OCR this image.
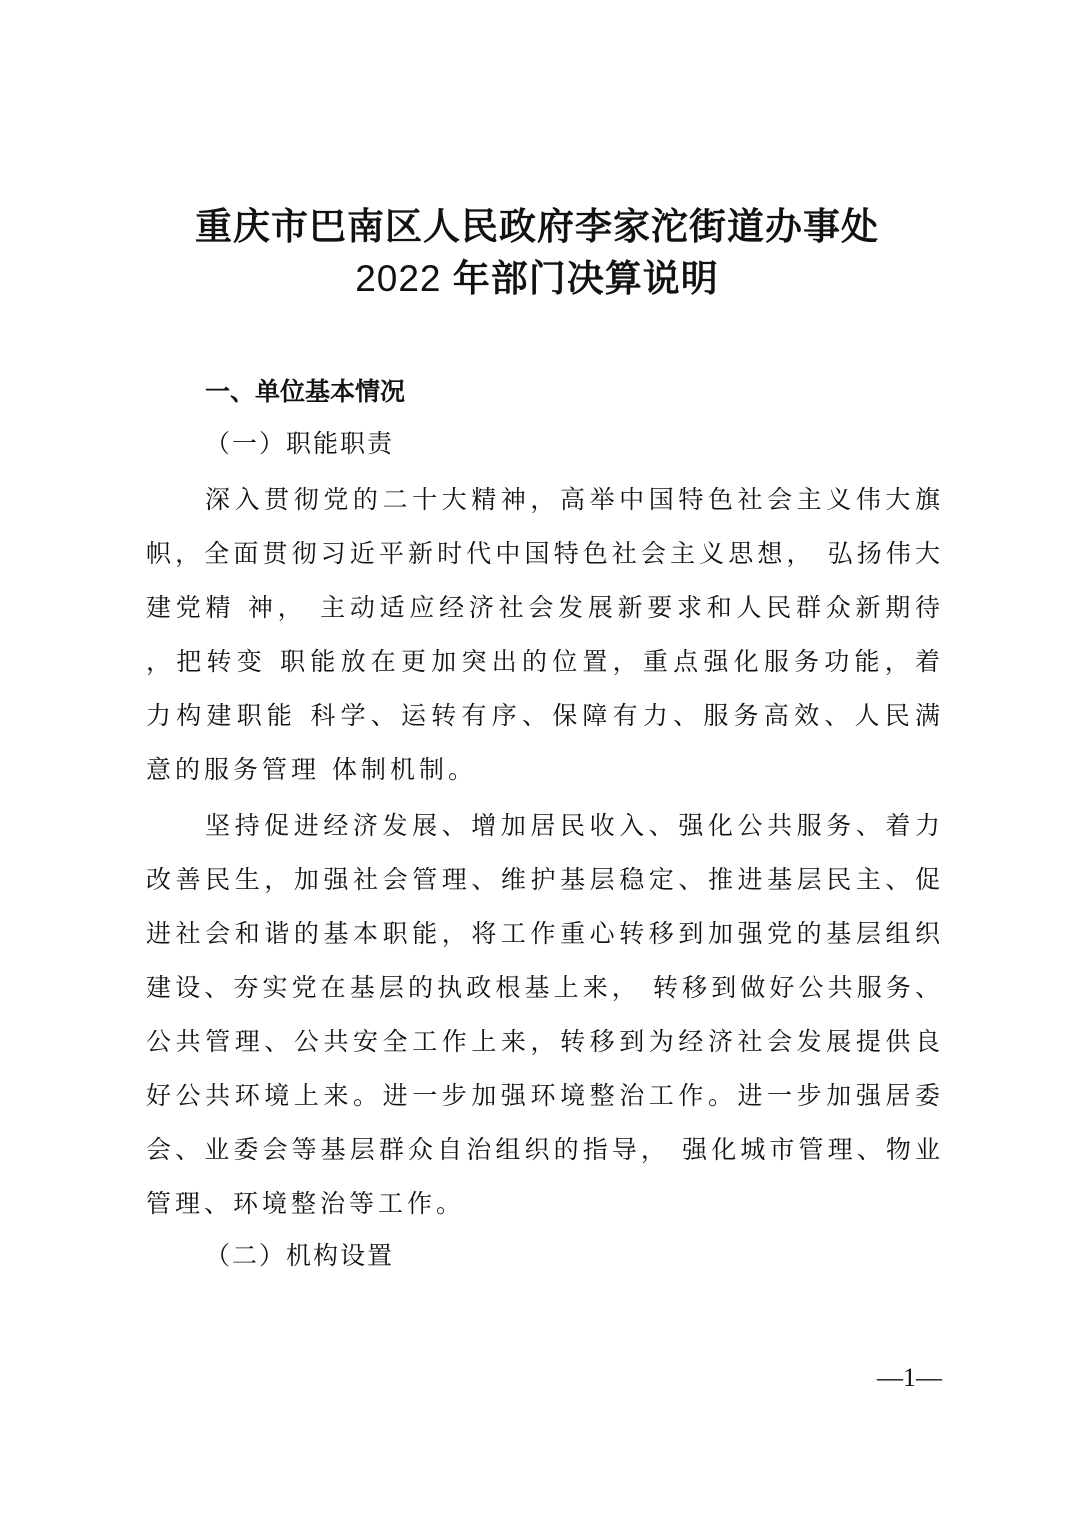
重庆市巴南区人民政府李家沱街道办事处
2022 年部门决算说明
一、单位基本情况
（一）职能职责
深入贯彻党的二十大精神，高举中国特色社会主义伟大旗
帜，全面贯彻习近平新时代中国特色社会主义思想， 弘扬伟大
建党精 神， 主动适应经济社会发展新要求和人民群众新期待
，把转变 职能放在更加突出的位置，重点强化服务功能，着
力构建职能 科学、运转有序、保障有力、服务高效、人民满
意的服务管理 体制机制。
坚持促进经济发展、增加居民收入、强化公共服务、着力
改善民生，加强社会管理、维护基层稳定、推进基层民主、促
进社会和谐的基本职能，将工作重心转移到加强党的基层组织
建设、夯实党在基层的执政根基上来， 转移到做好公共服务、
公共管理、公共安全工作上来，转移到为经济社会发展提供良
好公共环境上来。进一步加强环境整治工作。进一步加强居委
会、业委会等基层群众自治组织的指导， 强化城市管理、物业
管理、环境整治等工作。
（二）机构设置
—1—
